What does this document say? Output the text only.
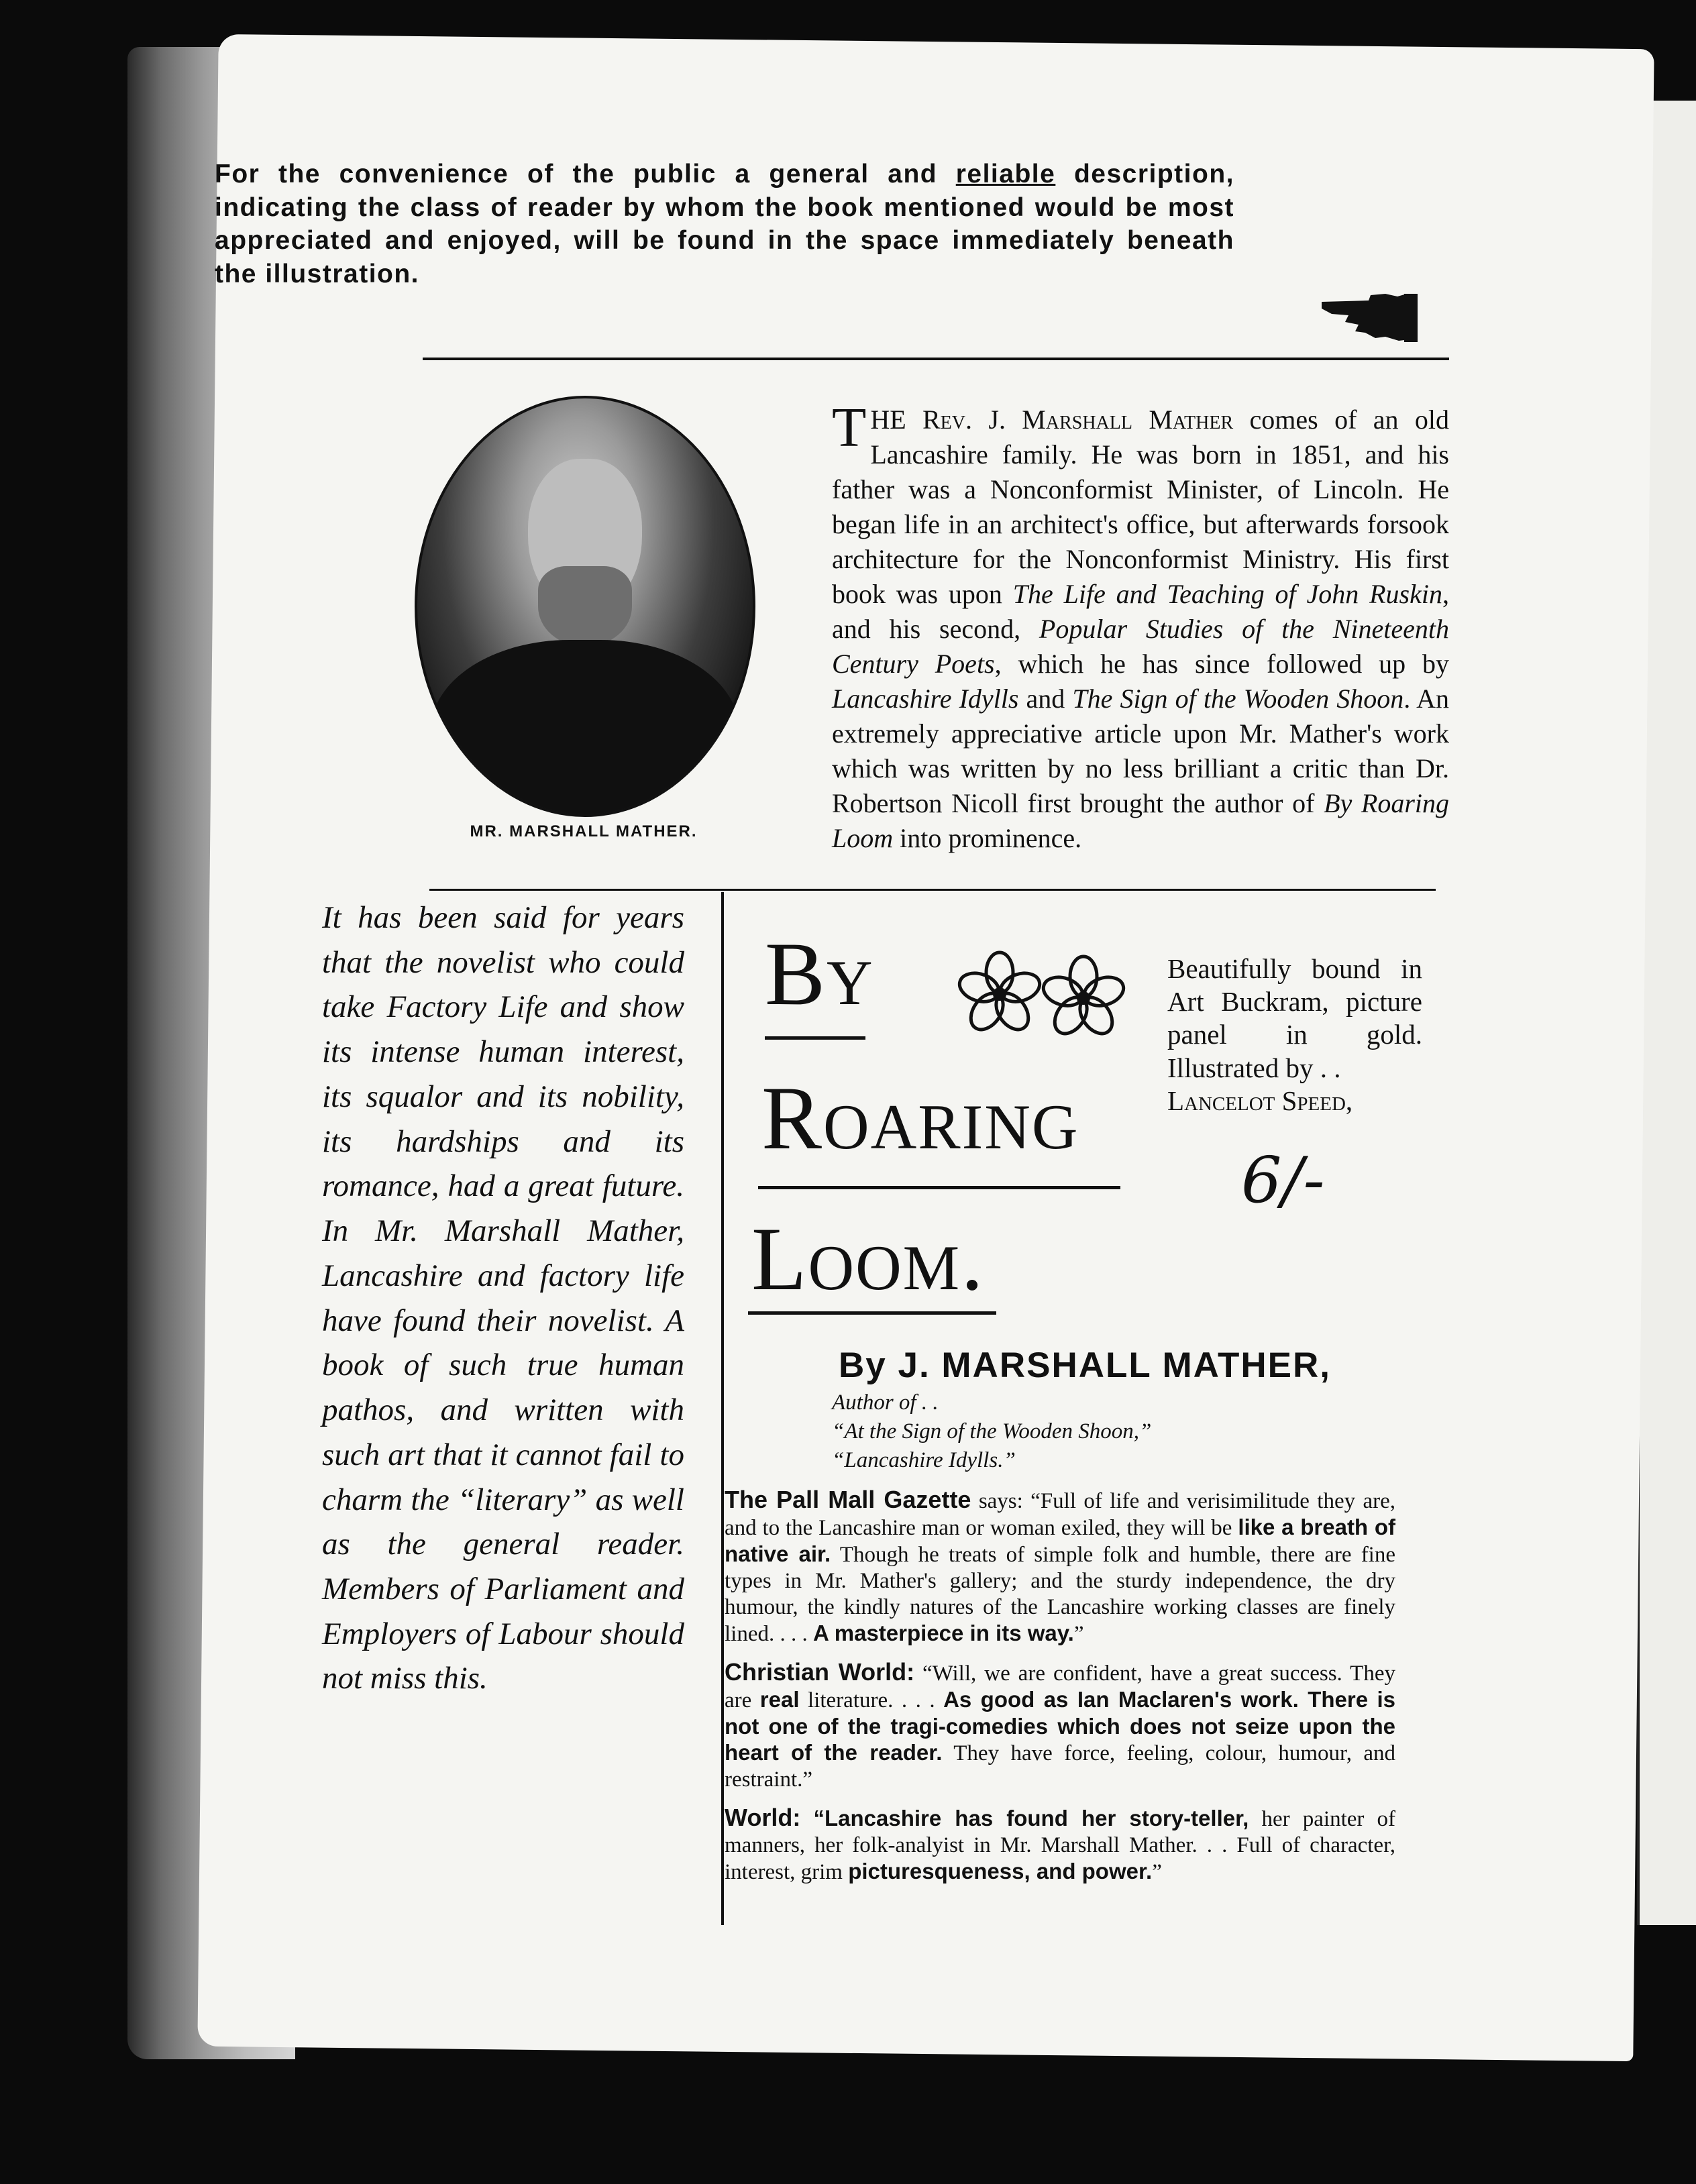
For the convenience of the public a general and reliable description, indicating the class of reader by whom the book mentioned would be most appreciated and enjoyed, will be found in the space immediately beneath the illustration.
MR. MARSHALL MATHER.
THE Rev. J. Marshall Mather comes of an old Lancashire family. He was born in 1851, and his father was a Nonconformist Minister, of Lincoln. He began life in an architect's office, but afterwards forsook architecture for the Nonconformist Ministry. His first book was upon The Life and Teaching of John Ruskin, and his second, Popular Studies of the Nineteenth Century Poets, which he has since followed up by Lancashire Idylls and The Sign of the Wooden Shoon. An extremely appreciative article upon Mr. Mather's work which was written by no less brilliant a critic than Dr. Robertson Nicoll first brought the author of By Roaring Loom into prominence.
It has been said for years that the novelist who could take Factory Life and show its intense human interest, its squalor and its nobility, its hardships and its romance, had a great future. In Mr. Marshall Mather, Lancashire and factory life have found their novelist. A book of such true human pathos, and written with such art that it cannot fail to charm the “literary” as well as the general reader. Members of Parliament and Employers of Labour should not miss this.
By
Roaring
Loom.
Beautifully bound in Art Buckram, picture panel in gold. Illustrated by . .
Lancelot Speed,
6/-
By J. MARSHALL MATHER,
Author of . .
“At the Sign of the Wooden Shoon,”
“Lancashire Idylls.”
The Pall Mall Gazette says: “Full of life and verisimilitude they are, and to the Lancashire man or woman exiled, they will be like a breath of native air. Though he treats of simple folk and humble, there are fine types in Mr. Mather's gallery; and the sturdy independence, the dry humour, the kindly natures of the Lancashire working classes are finely lined. . . . A masterpiece in its way.”
Christian World: “Will, we are confident, have a great success. They are real literature. . . . As good as Ian Maclaren's work. There is not one of the tragi-comedies which does not seize upon the heart of the reader. They have force, feeling, colour, humour, and restraint.”
World: “Lancashire has found her story-teller, her painter of manners, her folk-analyist in Mr. Marshall Mather. . . Full of character, interest, grim picturesqueness, and power.”
